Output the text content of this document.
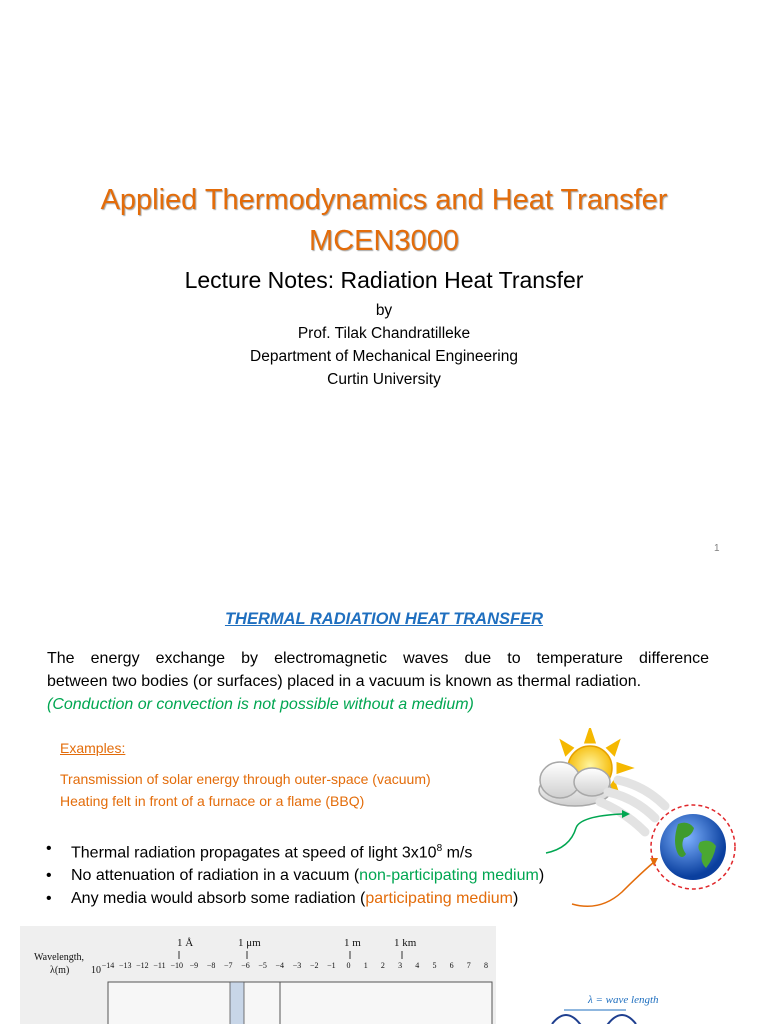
Applied Thermodynamics and Heat Transfer
MCEN3000
Lecture Notes: Radiation Heat Transfer
by
Prof. Tilak Chandratilleke
Department of Mechanical Engineering
Curtin University
1
THERMAL RADIATION HEAT TRANSFER
The energy exchange by electromagnetic waves due to temperature difference
between two bodies (or surfaces) placed in a vacuum is known as thermal radiation.
(Conduction or convection is not possible without a medium)
Examples:
Transmission of solar energy through outer-space (vacuum)
Heating felt in front of a furnace or a flame (BBQ)
•	Thermal radiation propagates at speed of light $3x10^8$ m/s
•	No attenuation of radiation in a vacuum (non-participating medium)
•	Any media would absorb some radiation (participating medium)
1 Å	1 μm	1 m	1 km
Wavelength,
λ(m) 10 −14 −13 −12 −11 −10 −9 −8 −7 −6 −5 −4 −3 −2 −1 0 1 2 3 4 5 6 7 8
λ = wave length
